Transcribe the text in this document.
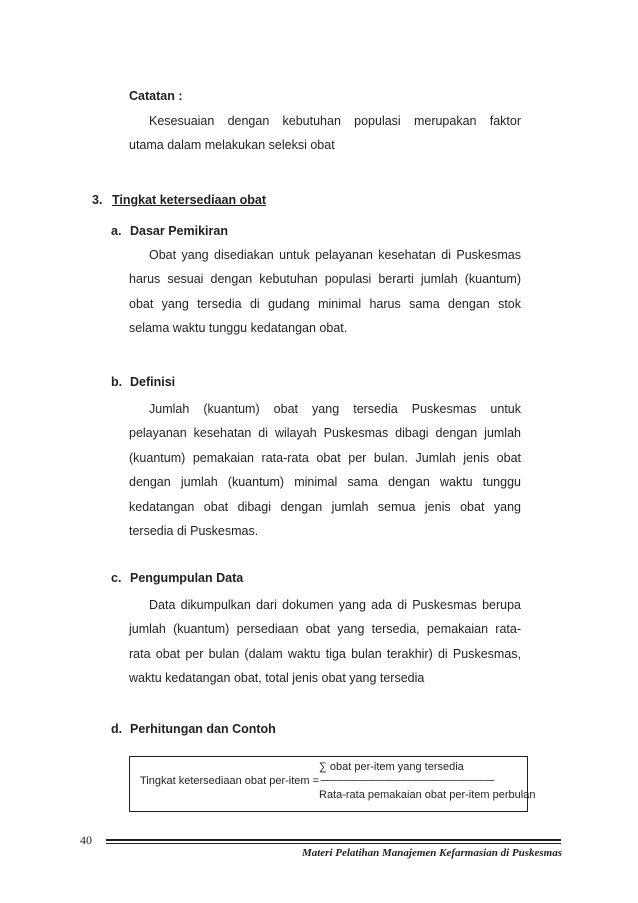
Catatan :
Kesesuaian dengan kebutuhan populasi merupakan faktor
utama dalam melakukan seleksi obat
3. Tingkat ketersediaan obat
a. Dasar Pemikiran
Obat yang disediakan untuk pelayanan kesehatan di Puskesmas
harus sesuai dengan kebutuhan populasi berarti jumlah (kuantum)
obat yang tersedia di gudang minimal harus sama dengan stok
selama waktu tunggu kedatangan obat.
b. Definisi
Jumlah (kuantum) obat yang tersedia Puskesmas untuk
pelayanan kesehatan di wilayah Puskesmas dibagi dengan jumlah
(kuantum) pemakaian rata-rata obat per bulan. Jumlah jenis obat
dengan jumlah (kuantum) minimal sama dengan waktu tunggu
kedatangan obat dibagi dengan jumlah semua jenis obat yang
tersedia di Puskesmas.
c. Pengumpulan Data
Data dikumpulkan dari dokumen yang ada di Puskesmas berupa
jumlah (kuantum) persediaan obat yang tersedia, pemakaian rata-
rata obat per bulan (dalam waktu tiga bulan terakhir) di Puskesmas,
waktu kedatangan obat, total jenis obat yang tersedia
d. Perhitungan dan Contoh
∑ obat per-item yang tersedia
Tingkat ketersediaan obat per-item = −−−−−−−−−−−−−−−−−−−−−−−−−−−−−−−−
Rata-rata pemakaian obat per-item perbulan
40
Materi Pelatihan Manajemen Kefarmasian di Puskesmas
